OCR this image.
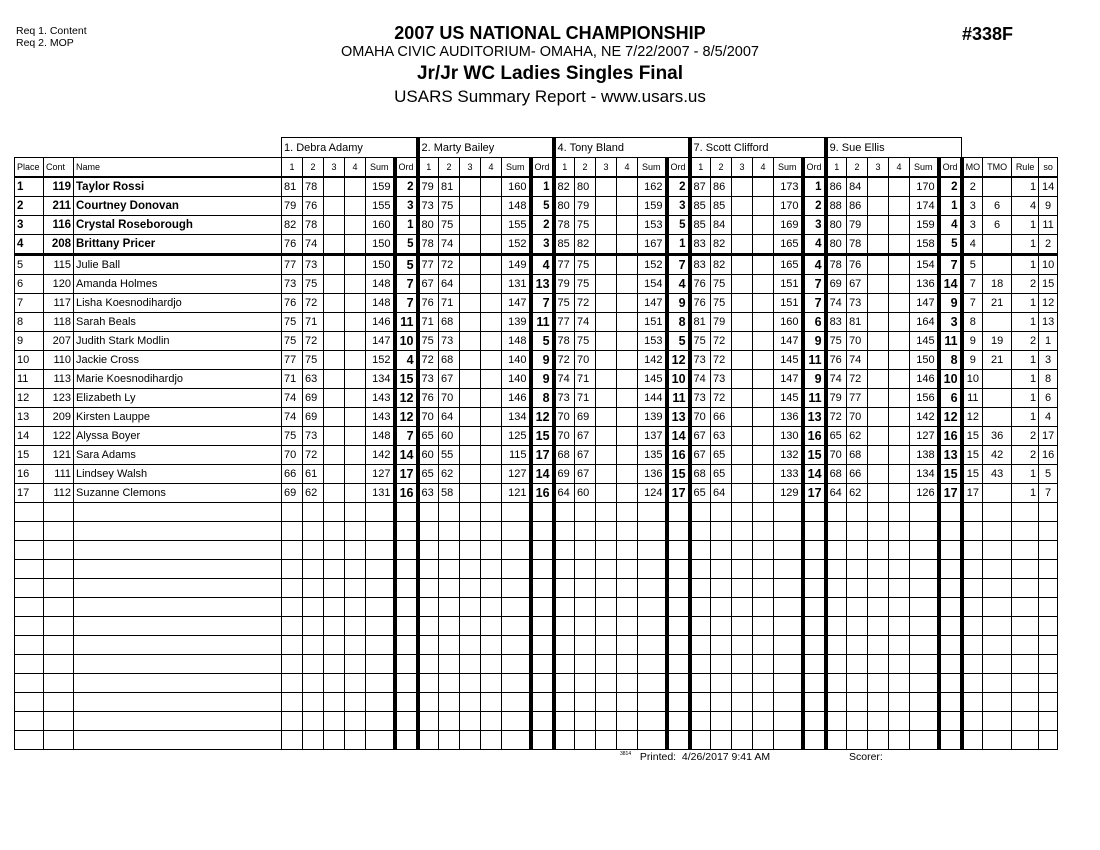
Req 1. Content
Req 2. MOP	2007 US NATIONAL CHAMPIONSHIP
OMAHA CIVIC AUDITORIUM- OMAHA, NE 7/22/2007 - 8/5/2007
Jr/Jr WC Ladies Singles Final
USARS Summary Report - www.usars.us
#338F
			1. Debra Adamy						2. Marty Bailey						4. Tony Bland						7. Scott Clifford						9. Sue Ellis									
Place	Cont	Name	1	2	3	4	Sum	Ord	1	2	3	4	Sum	Ord	1	2	3	4	Sum	Ord	1	2	3	4	Sum	Ord	1	2	3	4	Sum	Ord	MO	TMO	Rule	so
1	119	Taylor Rossi	81	78			159	2	79	81			160	1	82	80			162	2	87	86			173	1	86	84			170	2	2		1	14
2	211	Courtney Donovan	79	76			155	3	73	75			148	5	80	79			159	3	85	85			170	2	88	86			174	1	3	6	4	9
3	116	Crystal Roseborough	82	78			160	1	80	75			155	2	78	75			153	5	85	84			169	3	80	79			159	4	3	6	1	11
4	208	Brittany Pricer	76	74			150	5	78	74			152	3	85	82			167	1	83	82			165	4	80	78			158	5	4		1	2
5	115	Julie Ball	77	73			150	5	77	72			149	4	77	75			152	7	83	82			165	4	78	76			154	7	5		1	10
6	120	Amanda Holmes	73	75			148	7	67	64			131	13	79	75			154	4	76	75			151	7	69	67			136	14	7	18	2	15
7	117	Lisha Koesnodihardjo	76	72			148	7	76	71			147	7	75	72			147	9	76	75			151	7	74	73			147	9	7	21	1	12
8	118	Sarah Beals	75	71			146	11	71	68			139	11	77	74			151	8	81	79			160	6	83	81			164	3	8		1	13
9	207	Judith Stark Modlin	75	72			147	10	75	73			148	5	78	75			153	5	75	72			147	9	75	70			145	11	9	19	2	1
10	110	Jackie Cross	77	75			152	4	72	68			140	9	72	70			142	12	73	72			145	11	76	74			150	8	9	21	1	3
11	113	Marie Koesnodihardjo	71	63			134	15	73	67			140	9	74	71			145	10	74	73			147	9	74	72			146	10	10		1	8
12	123	Elizabeth Ly	74	69			143	12	76	70			146	8	73	71			144	11	73	72			145	11	79	77			156	6	11		1	6
13	209	Kirsten Lauppe	74	69			143	12	70	64			134	12	70	69			139	13	70	66			136	13	72	70			142	12	12		1	4
14	122	Alyssa Boyer	75	73			148	7	65	60			125	15	70	67			137	14	67	63			130	16	65	62			127	16	15	36	2	17
15	121	Sara Adams	70	72			142	14	60	55			115	17	68	67			135	16	67	65			132	15	70	68			138	13	15	42	2	16
16	111	Lindsey Walsh	66	61			127	17	65	62			127	14	69	67			136	15	68	65			133	14	68	66			134	15	15	43	1	5
17	112	Suzanne Clemons	69	62			131	16	63	58			121	16	64	60			124	17	65	64			129	17	64	62			126	17	17		1	7

$^{3814}$ Printed: 4/26/2017 9:41 AM	Scorer:
